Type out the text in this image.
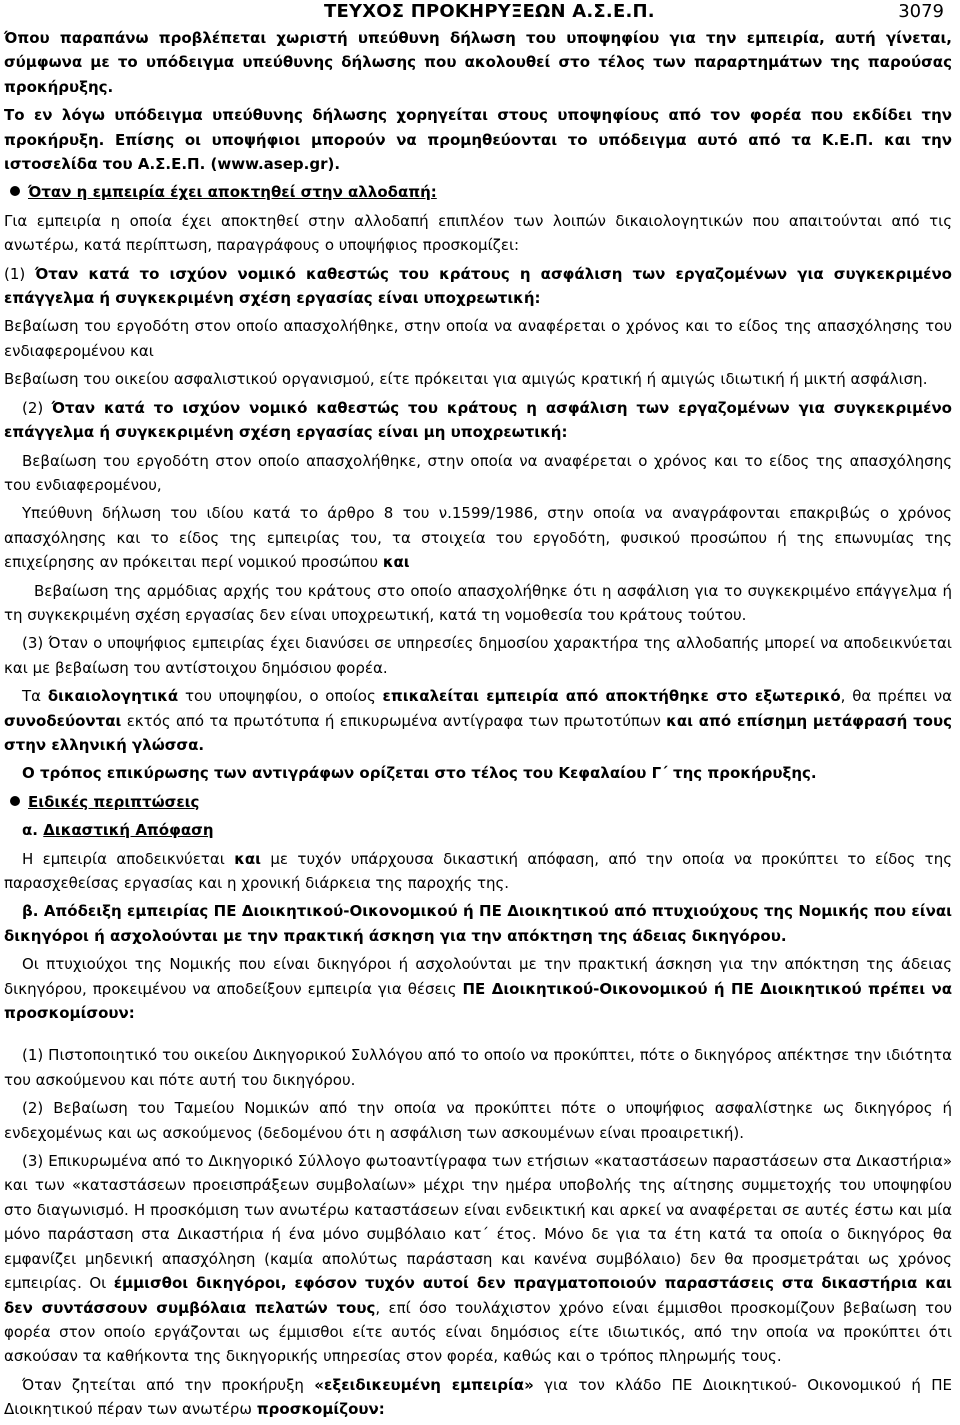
ΤΕΥΧΟΣ ΠΡΟΚΗΡΥΞΕΩΝ Α.Σ.Ε.Π.	3079

Όπου παραπάνω προβλέπεται χωριστή υπεύθυνη δήλωση του υποψηφίου για την εμπειρία, αυτή γίνεται, σύμφωνα με το υπόδειγμα υπεύθυνης δήλωσης που ακολουθεί στο τέλος των παραρτημάτων της παρούσας προκήρυξης.

Το εν λόγω υπόδειγμα υπεύθυνης δήλωσης χορηγείται στους υποψηφίους από τον φορέα που εκδίδει την προκήρυξη. Επίσης οι υποψήφιοι μπορούν να προμηθεύονται το υπόδειγμα αυτό από τα Κ.Ε.Π. και την ιστοσελίδα του Α.Σ.Ε.Π. (www.asep.gr).

Όταν η εμπειρία έχει αποκτηθεί στην αλλοδαπή:

Για εμπειρία η οποία έχει αποκτηθεί στην αλλοδαπή επιπλέον των λοιπών δικαιολογητικών που απαιτούνται από τις ανωτέρω, κατά περίπτωση, παραγράφους ο υποψήφιος προσκομίζει:

(1) Όταν κατά το ισχύον νομικό καθεστώς του κράτους η ασφάλιση των εργαζομένων για συγκεκριμένο επάγγελμα ή συγκεκριμένη σχέση εργασίας είναι υποχρεωτική:

Βεβαίωση του εργοδότη στον οποίο απασχολήθηκε, στην οποία να αναφέρεται ο χρόνος και το είδος της απασχόλησης του ενδιαφερομένου και

Βεβαίωση του οικείου ασφαλιστικού οργανισμού, είτε πρόκειται για αμιγώς κρατική ή αμιγώς ιδιωτική ή μικτή ασφάλιση.

(2) Όταν κατά το ισχύον νομικό καθεστώς του κράτους η ασφάλιση των εργαζομένων για συγκεκριμένο επάγγελμα ή συγκεκριμένη σχέση εργασίας είναι μη υποχρεωτική:

Βεβαίωση του εργοδότη στον οποίο απασχολήθηκε, στην οποία να αναφέρεται ο χρόνος και το είδος της απασχόλησης του ενδιαφερομένου,

Υπεύθυνη δήλωση του ιδίου κατά το άρθρο 8 του ν.1599/1986, στην οποία να αναγράφονται επακριβώς ο χρόνος απασχόλησης και το είδος της εμπειρίας του, τα στοιχεία του εργοδότη, φυσικού προσώπου ή της επωνυμίας της επιχείρησης αν πρόκειται περί νομικού προσώπου και

Βεβαίωση της αρμόδιας αρχής του κράτους στο οποίο απασχολήθηκε ότι η ασφάλιση για το συγκεκριμένο επάγγελμα ή τη συγκεκριμένη σχέση εργασίας δεν είναι υποχρεωτική, κατά τη νομοθεσία του κράτους τούτου.

(3) Όταν ο υποψήφιος εμπειρίας έχει διανύσει σε υπηρεσίες δημοσίου χαρακτήρα της αλλοδαπής μπορεί να αποδεικνύεται και με βεβαίωση του αντίστοιχου δημόσιου φορέα.

Τα δικαιολογητικά του υποψηφίου, ο οποίος επικαλείται εμπειρία από αποκτήθηκε στο εξωτερικό, θα πρέπει να συνοδεύονται εκτός από τα πρωτότυπα ή επικυρωμένα αντίγραφα των πρωτοτύπων και από επίσημη μετάφρασή τους στην ελληνική γλώσσα.

Ο τρόπος επικύρωσης των αντιγράφων ορίζεται στο τέλος του Κεφαλαίου Γ΄ της προκήρυξης.

Ειδικές περιπτώσεις

α. Δικαστική Απόφαση

Η εμπειρία αποδεικνύεται και με τυχόν υπάρχουσα δικαστική απόφαση, από την οποία να προκύπτει το είδος της παρασχεθείσας εργασίας και η χρονική διάρκεια της παροχής της.

β. Απόδειξη εμπειρίας ΠΕ Διοικητικού-Οικονομικού ή ΠΕ Διοικητικού από πτυχιούχους της Νομικής που είναι δικηγόροι ή ασχολούνται με την πρακτική άσκηση για την απόκτηση της άδειας δικηγόρου.

Οι πτυχιούχοι της Νομικής που είναι δικηγόροι ή ασχολούνται με την πρακτική άσκηση για την απόκτηση της άδειας δικηγόρου, προκειμένου να αποδείξουν εμπειρία για θέσεις ΠΕ Διοικητικού-Οικονομικού ή ΠΕ Διοικητικού πρέπει να προσκομίσουν:

(1) Πιστοποιητικό του οικείου Δικηγορικού Συλλόγου από το οποίο να προκύπτει, πότε ο δικηγόρος απέκτησε την ιδιότητα του ασκούμενου και πότε αυτή του δικηγόρου.

(2) Βεβαίωση του Ταμείου Νομικών από την οποία να προκύπτει πότε ο υποψήφιος ασφαλίστηκε ως δικηγόρος ή ενδεχομένως και ως ασκούμενος (δεδομένου ότι η ασφάλιση των ασκουμένων είναι προαιρετική).

(3) Επικυρωμένα από το Δικηγορικό Σύλλογο φωτοαντίγραφα των ετήσιων «καταστάσεων παραστάσεων στα Δικαστήρια» και των «καταστάσεων προεισπράξεων συμβολαίων» μέχρι την ημέρα υποβολής της αίτησης συμμετοχής του υποψηφίου στο διαγωνισμό. Η προσκόμιση των ανωτέρω καταστάσεων είναι ενδεικτική και αρκεί να αναφέρεται σε αυτές έστω και μία μόνο παράσταση στα Δικαστήρια ή ένα μόνο συμβόλαιο κατ΄ έτος. Μόνο δε για τα έτη κατά τα οποία ο δικηγόρος θα εμφανίζει μηδενική απασχόληση (καμία απολύτως παράσταση και κανένα συμβόλαιο) δεν θα προσμετράται ως χρόνος εμπειρίας. Οι έμμισθοι δικηγόροι, εφόσον τυχόν αυτοί δεν πραγματοποιούν παραστάσεις στα δικαστήρια και δεν συντάσσουν συμβόλαια πελατών τους, επί όσο τουλάχιστον χρόνο είναι έμμισθοι προσκομίζουν βεβαίωση του φορέα στον οποίο εργάζονται ως έμμισθοι είτε αυτός είναι δημόσιος είτε ιδιωτικός, από την οποία να προκύπτει ότι ασκούσαν τα καθήκοντα της δικηγορικής υπηρεσίας στον φορέα, καθώς και ο τρόπος πληρωμής τους.

Όταν ζητείται από την προκήρυξη «εξειδικευμένη εμπειρία» για τον κλάδο ΠΕ Διοικητικού- Οικονομικού ή ΠΕ Διοικητικού πέραν των ανωτέρω προσκομίζουν:
